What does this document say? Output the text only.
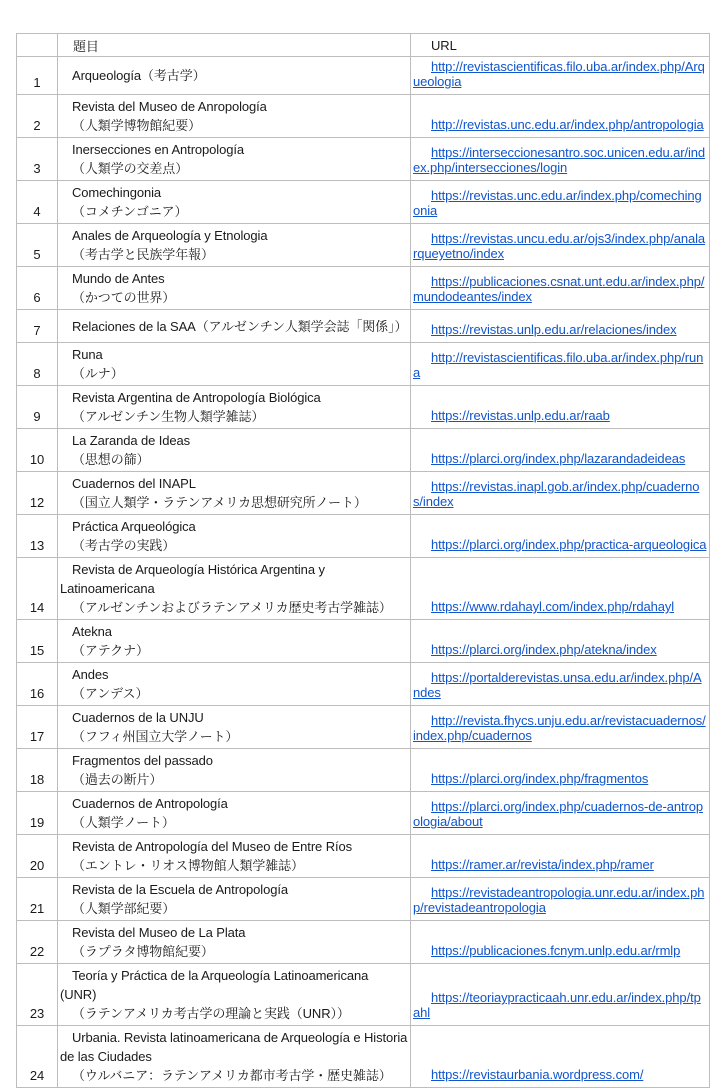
	題目	URL
1	Arqueología（考古学）	http://revistascientificas.filo.uba.ar/index.php/Arqueologia

2	Revista del Museo de Anropología
（人類学博物館紀要）	http://revistas.unc.edu.ar/index.php/antropologia

3	Inersecciones en Antropología
（人類学の交差点）	https://interseccionesantro.soc.unicen.edu.ar/index.php/intersecciones/login

4	Comechingonia
（コメチンゴニア）	https://revistas.unc.edu.ar/index.php/comechingonia

5	Anales de Arqueología y Etnologia
（考古学と民族学年報）	https://revistas.uncu.edu.ar/ojs3/index.php/analarqueyetno/index

6	Mundo de Antes
（かつての世界）	https://publicaciones.csnat.unt.edu.ar/index.php/mundodeantes/index

7	Relaciones de la SAA（アルゼンチン人類学会誌「関係」）	https://revistas.unlp.edu.ar/relaciones/index

8	Runa
（ルナ）	http://revistascientificas.filo.uba.ar/index.php/runa

9	Revista Argentina de Antropología Biológica
（アルゼンチン生物人類学雑誌）	https://revistas.unlp.edu.ar/raab

10	La Zaranda de Ideas
（思想の篩）	https://plarci.org/index.php/lazarandadeideas

12	Cuadernos del INAPL
（国立人類学・ラテンアメリカ思想研究所ノート）	https://revistas.inapl.gob.ar/index.php/cuadernos/index

13	Práctica Arqueológica
（考古学の実践）	https://plarci.org/index.php/practica-arqueologica

14	Revista de Arqueología Histórica Argentina y Latinoamericana
（アルゼンチンおよびラテンアメリカ歴史考古学雑誌）	https://www.rdahayl.com/index.php/rdahayl

15	Atekna
（アテクナ）	https://plarci.org/index.php/atekna/index

16	Andes
（アンデス）	https://portalderevistas.unsa.edu.ar/index.php/Andes

17	Cuadernos de la UNJU
（フフィ州国立大学ノート）	http://revista.fhycs.unju.edu.ar/revistacuadernos/index.php/cuadernos

18	Fragmentos del passado
（過去の断片）	https://plarci.org/index.php/fragmentos

19	Cuadernos de Antropología
（人類学ノート）	https://plarci.org/index.php/cuadernos-de-antropologia/about

20	Revista de Antropología del Museo de Entre Ríos
（エントレ・リオス博物館人類学雑誌）	https://ramer.ar/revista/index.php/ramer

21	Revista de la Escuela de Antropología
（人類学部紀要）	https://revistadeantropologia.unr.edu.ar/index.php/revistadeantropologia

22	Revista del Museo de La Plata
（ラプラタ博物館紀要）	https://publicaciones.fcnym.unlp.edu.ar/rmlp

23	Teoría y Práctica de la Arqueología Latinoamericana (UNR)
（ラテンアメリカ考古学の理論と実践（UNR））	https://teoriaypracticaah.unr.edu.ar/index.php/tpahl

24	Urbania. Revista latinoamericana de Arqueología e Historia de las Ciudades
（ウルバニア：ラテンアメリカ都市考古学・歴史雑誌）	https://revistaurbania.wordpress.com/
